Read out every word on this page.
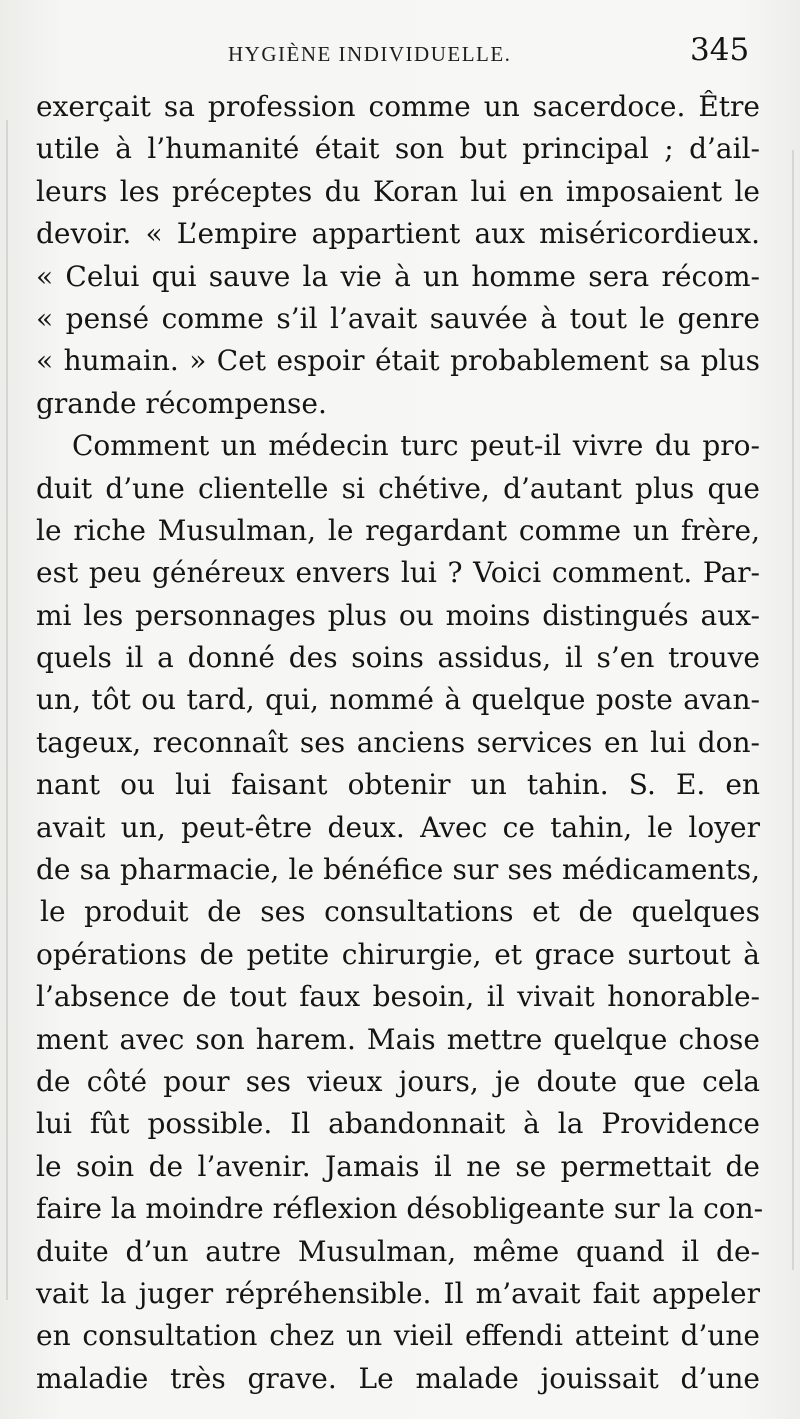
HYGIÈNE INDIVIDUELLE.	345
exerçait sa profession comme un sacerdoce. Être
utile à l’humanité était son but principal ; d’ail-
leurs les préceptes du Koran lui en imposaient le
devoir. « L’empire appartient aux miséricordieux.
« Celui qui sauve la vie à un homme sera récom-
« pensé comme s’il l’avait sauvée à tout le genre
« humain. » Cet espoir était probablement sa plus
grande récompense.
Comment un médecin turc peut-il vivre du pro-
duit d’une clientelle si chétive, d’autant plus que
le riche Musulman, le regardant comme un frère,
est peu généreux envers lui ? Voici comment. Par-
mi les personnages plus ou moins distingués aux-
quels il a donné des soins assidus, il s’en trouve
un, tôt ou tard, qui, nommé à quelque poste avan-
tageux, reconnaît ses anciens services en lui don-
nant ou lui faisant obtenir un tahin. S. E. en
avait un, peut-être deux. Avec ce tahin, le loyer
de sa pharmacie, le bénéfice sur ses médicaments,
le produit de ses consultations et de quelques
opérations de petite chirurgie, et grace surtout à
l’absence de tout faux besoin, il vivait honorable-
ment avec son harem. Mais mettre quelque chose
de côté pour ses vieux jours, je doute que cela
lui fût possible. Il abandonnait à la Providence
le soin de l’avenir. Jamais il ne se permettait de
faire la moindre réflexion désobligeante sur la con-
duite d’un autre Musulman, même quand il de-
vait la juger répréhensible. Il m’avait fait appeler
en consultation chez un vieil effendi atteint d’une
maladie très grave. Le malade jouissait d’une
